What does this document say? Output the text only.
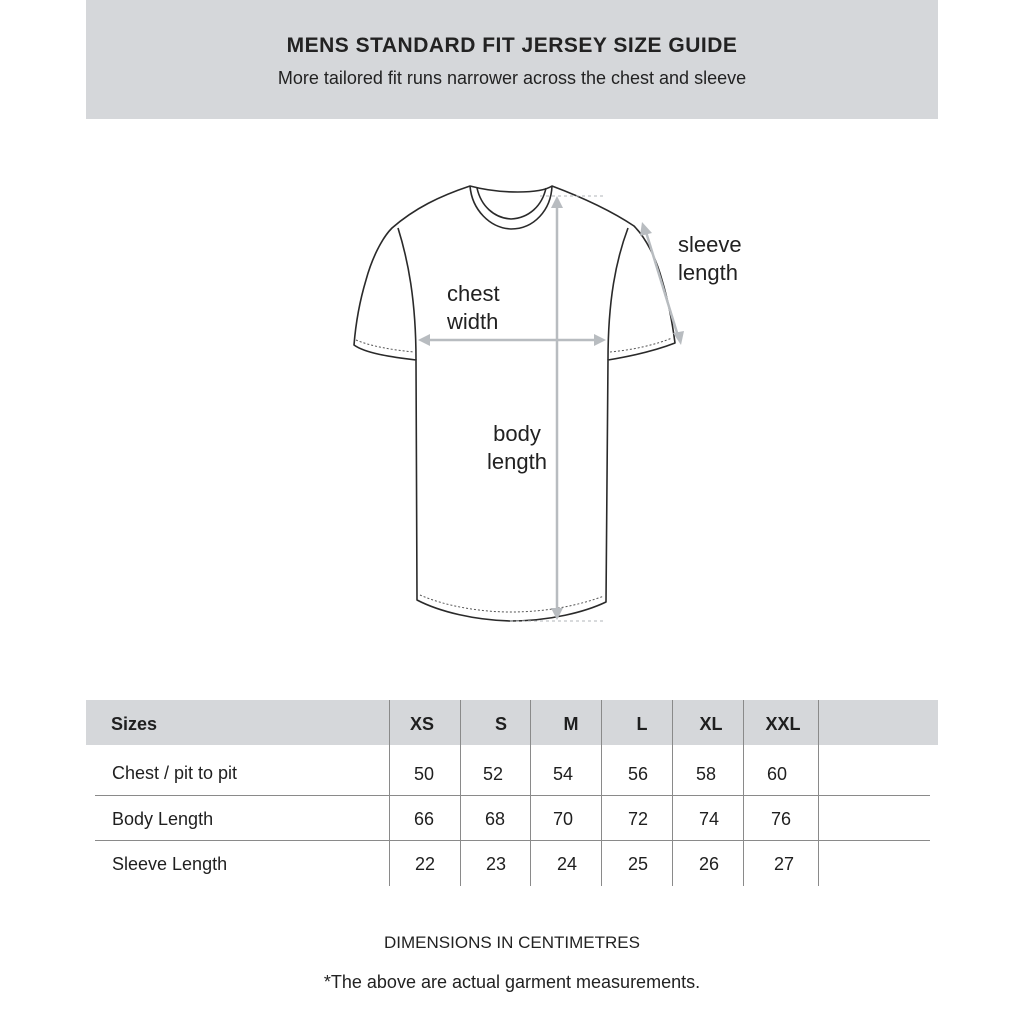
MENS STANDARD FIT JERSEY SIZE GUIDE
More tailored fit runs narrower across the chest and sleeve
sleeve
length
chest
width
body
length
Sizes	XS	S	M	L	XL	XXL
Chest / pit to pit	50	52	54	56	58	60
Body Length	66	68	70	72	74	76
Sleeve Length	22	23	24	25	26	27
DIMENSIONS IN CENTIMETRES
*The above are actual garment measurements.
